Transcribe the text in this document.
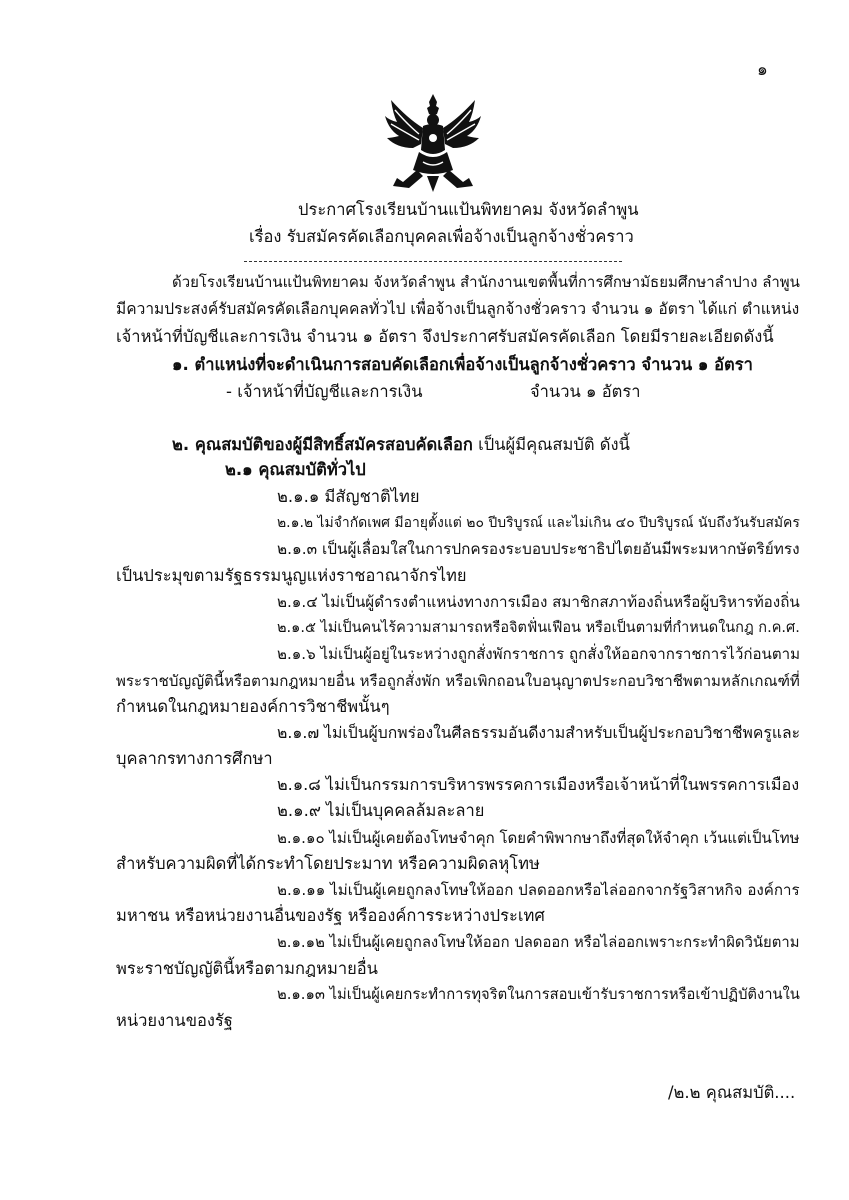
๑
ประกาศโรงเรียนบ้านแป้นพิทยาคม จังหวัดลำพูน
เรื่อง รับสมัครคัดเลือกบุคคลเพื่อจ้างเป็นลูกจ้างชั่วคราว
ด้วยโรงเรียนบ้านแป้นพิทยาคม จังหวัดลำพูน สำนักงานเขตพื้นที่การศึกษามัธยมศึกษาลำปาง ลำพูน
มีความประสงค์รับสมัครคัดเลือกบุคคลทั่วไป เพื่อจ้างเป็นลูกจ้างชั่วคราว จำนวน ๑ อัตรา ได้แก่ ตำแหน่ง
เจ้าหน้าที่บัญชีและการเงิน จำนวน ๑ อัตรา จึงประกาศรับสมัครคัดเลือก โดยมีรายละเอียดดังนี้
๑. ตำแหน่งที่จะดำเนินการสอบคัดเลือกเพื่อจ้างเป็นลูกจ้างชั่วคราว จำนวน ๑ อัตรา
- เจ้าหน้าที่บัญชีและการเงิน	จำนวน ๑ อัตรา
๒. คุณสมบัติของผู้มีสิทธิ์สมัครสอบคัดเลือก เป็นผู้มีคุณสมบัติ ดังนี้
๒.๑ คุณสมบัติทั่วไป
๒.๑.๑ มีสัญชาติไทย
๒.๑.๒ ไม่จำกัดเพศ มีอายุตั้งแต่ ๒๐ ปีบริบูรณ์ และไม่เกิน ๔๐ ปีบริบูรณ์ นับถึงวันรับสมัคร
๒.๑.๓ เป็นผู้เลื่อมใสในการปกครองระบอบประชาธิปไตยอันมีพระมหากษัตริย์ทรง
เป็นประมุขตามรัฐธรรมนูญแห่งราชอาณาจักรไทย
๒.๑.๔ ไม่เป็นผู้ดำรงตำแหน่งทางการเมือง สมาชิกสภาท้องถิ่นหรือผู้บริหารท้องถิ่น
๒.๑.๕ ไม่เป็นคนไร้ความสามารถหรือจิตฟั่นเฟือน หรือเป็นตามที่กำหนดในกฎ ก.ค.ศ.
๒.๑.๖ ไม่เป็นผู้อยู่ในระหว่างถูกสั่งพักราชการ ถูกสั่งให้ออกจากราชการไว้ก่อนตาม
พระราชบัญญัตินี้หรือตามกฎหมายอื่น หรือถูกสั่งพัก หรือเพิกถอนใบอนุญาตประกอบวิชาชีพตามหลักเกณฑ์ที่
กำหนดในกฎหมายองค์การวิชาชีพนั้นๆ
๒.๑.๗ ไม่เป็นผู้บกพร่องในศีลธรรมอันดีงามสำหรับเป็นผู้ประกอบวิชาชีพครูและ
บุคลากรทางการศึกษา
๒.๑.๘ ไม่เป็นกรรมการบริหารพรรคการเมืองหรือเจ้าหน้าที่ในพรรคการเมือง
๒.๑.๙ ไม่เป็นบุคคลล้มละลาย
๒.๑.๑๐ ไม่เป็นผู้เคยต้องโทษจำคุก โดยคำพิพากษาถึงที่สุดให้จำคุก เว้นแต่เป็นโทษ
สำหรับความผิดที่ได้กระทำโดยประมาท หรือความผิดลหุโทษ
๒.๑.๑๑ ไม่เป็นผู้เคยถูกลงโทษให้ออก ปลดออกหรือไล่ออกจากรัฐวิสาหกิจ องค์การ
มหาชน หรือหน่วยงานอื่นของรัฐ หรือองค์การระหว่างประเทศ
๒.๑.๑๒ ไม่เป็นผู้เคยถูกลงโทษให้ออก ปลดออก หรือไล่ออกเพราะกระทำผิดวินัยตาม
พระราชบัญญัตินี้หรือตามกฎหมายอื่น
๒.๑.๑๓ ไม่เป็นผู้เคยกระทำการทุจริตในการสอบเข้ารับราชการหรือเข้าปฏิบัติงานใน
หน่วยงานของรัฐ
/๒.๒ คุณสมบัติ....
